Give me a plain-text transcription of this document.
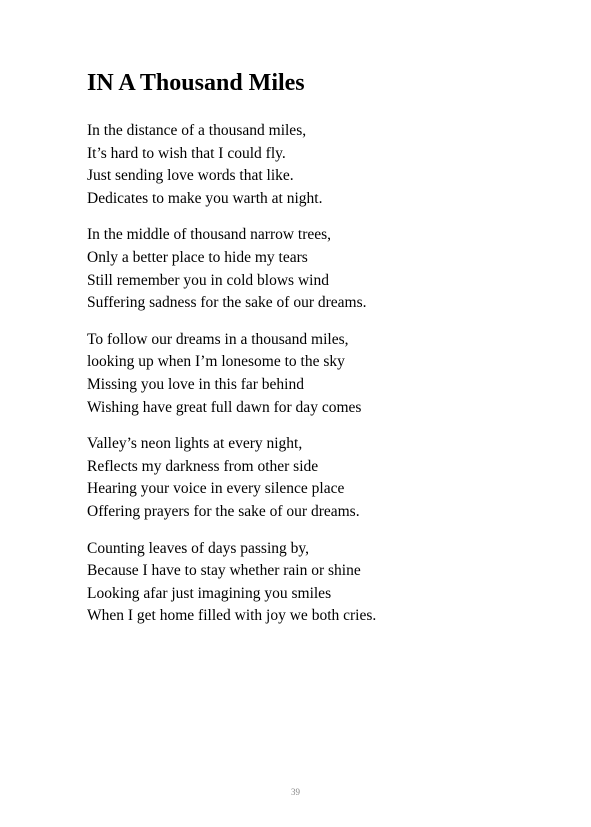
IN A Thousand Miles
In the distance of a thousand miles,
It’s hard to wish that I could fly.
Just sending love words that like.
Dedicates to make you warth at night.
In the middle of thousand narrow trees,
Only a better place to hide my tears
Still remember you in cold blows wind
Suffering sadness for the sake of our dreams.
To follow our dreams in a thousand miles,
looking up when I’m lonesome to the sky
Missing you love in this far behind
Wishing have great full dawn for day comes
Valley’s neon lights at every night,
Reflects my darkness from other side
Hearing your voice in every silence place
Offering prayers for the sake of our dreams.
Counting leaves of days passing by,
Because I have to stay whether rain or shine
Looking afar just imagining you smiles
When I get home filled with joy we both cries.
39
